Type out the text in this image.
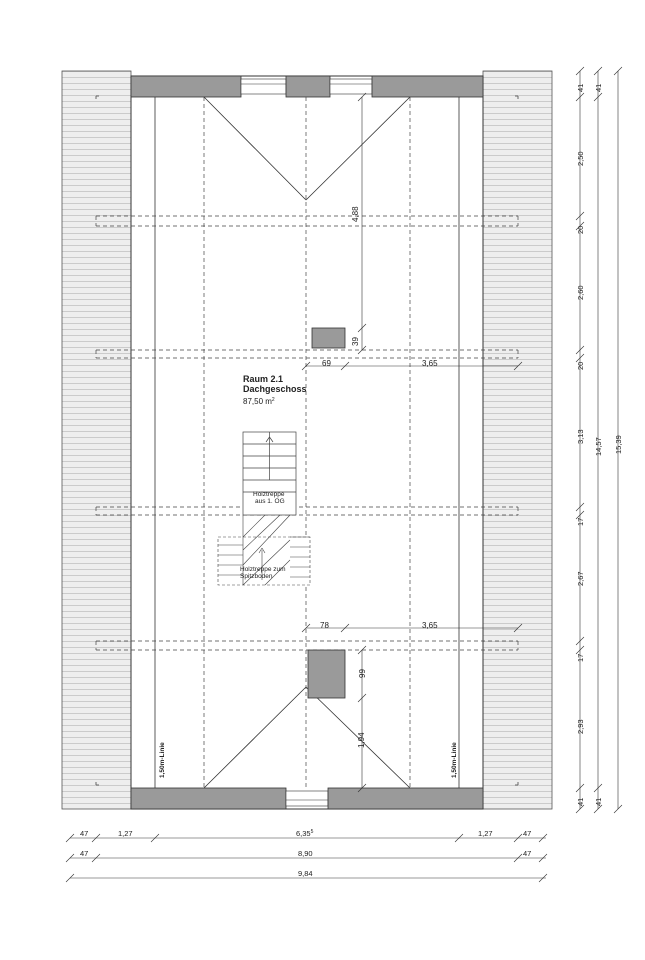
Raum 2.1
Dachgeschoss
87,50 $m^2$
Holztreppe
aus 1. OG
Holztreppe zum
Spitzboden
1,50m-Linie	1,50m-Linie
4,88
39
69	3,65
78	3,65
99
1,94
41
2,50
20
2,60
20
3,13
17
2,67
17
2,93
41
41
14,57
41
15,39
47	1,27	6,35$^5$	1,27	47
47	8,90	47
9,84
